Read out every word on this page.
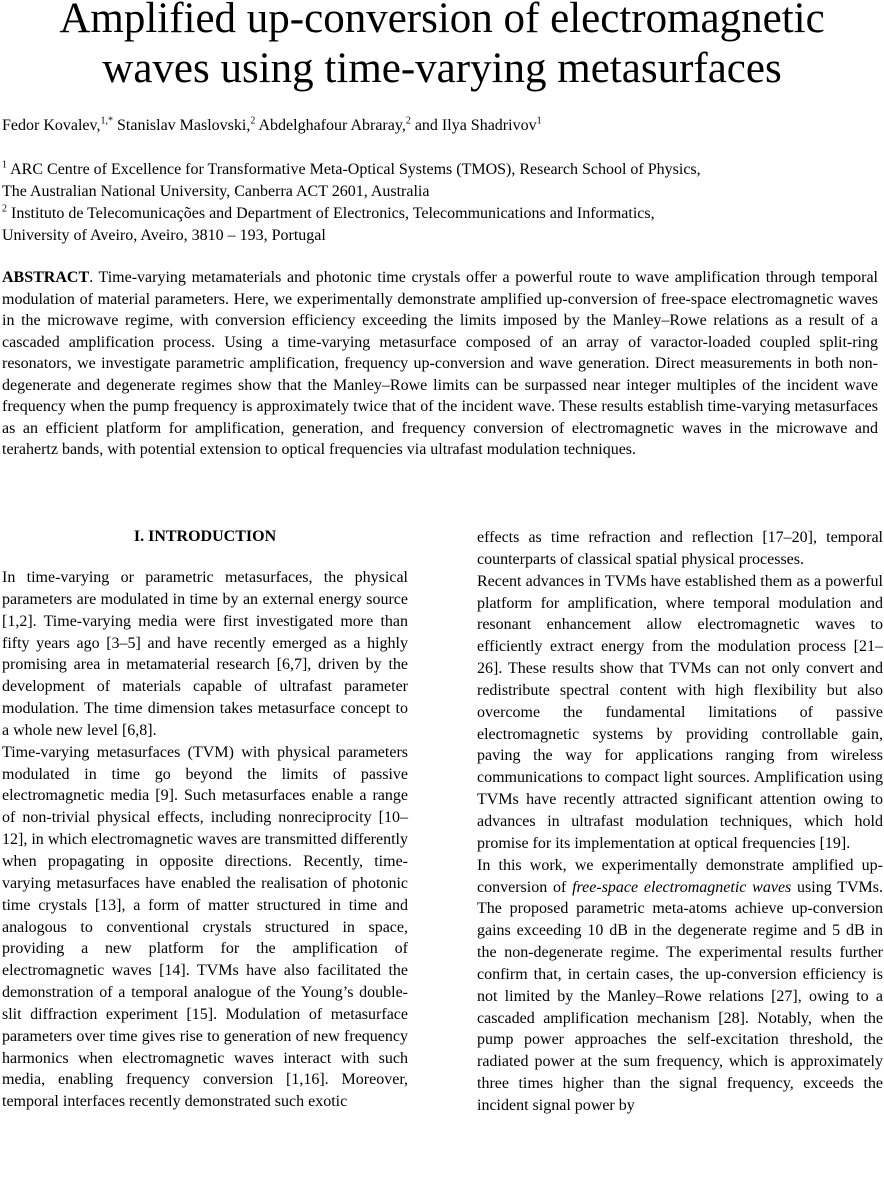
Amplified up-conversion of electromagnetic
waves using time-varying metasurfaces
Fedor Kovalev,$^{1,*}$ Stanislav Maslovski,$^2$ Abdelghafour Abraray,$^2$ and Ilya Shadrivov$^1$
$^1$ ARC Centre of Excellence for Transformative Meta-Optical Systems (TMOS), Research School of Physics,
The Australian National University, Canberra ACT 2601, Australia
$^2$ Instituto de Telecomunicações and Department of Electronics, Telecommunications and Informatics,
University of Aveiro, Aveiro, 3810 – 193, Portugal

ABSTRACT. Time-varying metamaterials and photonic time crystals offer a powerful route to wave amplification through temporal modulation of material parameters. Here, we experimentally demonstrate amplified up-conversion of free-space electromagnetic waves in the microwave regime, with conversion efficiency exceeding the limits imposed by the Manley–Rowe relations as a result of a cascaded amplification process. Using a time-varying metasurface composed of an array of varactor-loaded coupled split-ring resonators, we investigate parametric amplification, frequency up-conversion and wave generation. Direct measurements in both non-degenerate and degenerate regimes show that the Manley–Rowe limits can be surpassed near integer multiples of the incident wave frequency when the pump frequency is approximately twice that of the incident wave. These results establish time-varying metasurfaces as an efficient platform for amplification, generation, and frequency conversion of electromagnetic waves in the microwave and terahertz bands, with potential extension to optical frequencies via ultrafast modulation techniques.

I. INTRODUCTION

In time-varying or parametric metasurfaces, the physical parameters are modulated in time by an external energy source [1,2]. Time-varying media were first investigated more than fifty years ago [3–5] and have recently emerged as a highly promising area in metamaterial research [6,7], driven by the development of materials capable of ultrafast parameter modulation. The time dimension takes metasurface concept to a whole new level [6,8].

Time-varying metasurfaces (TVM) with physical parameters modulated in time go beyond the limits of passive electromagnetic media [9]. Such metasurfaces enable a range of non-trivial physical effects, including nonreciprocity [10–12], in which electromagnetic waves are transmitted differently when propagating in opposite directions. Recently, time-varying metasurfaces have enabled the realisation of photonic time crystals [13], a form of matter structured in time and analogous to conventional crystals structured in space, providing a new platform for the amplification of electromagnetic waves [14]. TVMs have also facilitated the demonstration of a temporal analogue of the Young’s double-slit diffraction experiment [15]. Modulation of metasurface parameters over time gives rise to generation of new frequency harmonics when electromagnetic waves interact with such media, enabling frequency conversion [1,16]. Moreover, temporal interfaces recently demonstrated such exotic

effects as time refraction and reflection [17–20], temporal counterparts of classical spatial physical processes.

Recent advances in TVMs have established them as a powerful platform for amplification, where temporal modulation and resonant enhancement allow electromagnetic waves to efficiently extract energy from the modulation process [21–26]. These results show that TVMs can not only convert and redistribute spectral content with high flexibility but also overcome the fundamental limitations of passive electromagnetic systems by providing controllable gain, paving the way for applications ranging from wireless communications to compact light sources. Amplification using TVMs have recently attracted significant attention owing to advances in ultrafast modulation techniques, which hold promise for its implementation at optical frequencies [19].

In this work, we experimentally demonstrate amplified up-conversion of free-space electromagnetic waves using TVMs. The proposed parametric meta-atoms achieve up-conversion gains exceeding 10 dB in the degenerate regime and 5 dB in the non-degenerate regime. The experimental results further confirm that, in certain cases, the up-conversion efficiency is not limited by the Manley–Rowe relations [27], owing to a cascaded amplification mechanism [28]. Notably, when the pump power approaches the self-excitation threshold, the radiated power at the sum frequency, which is approximately three times higher than the signal frequency, exceeds the incident signal power by
